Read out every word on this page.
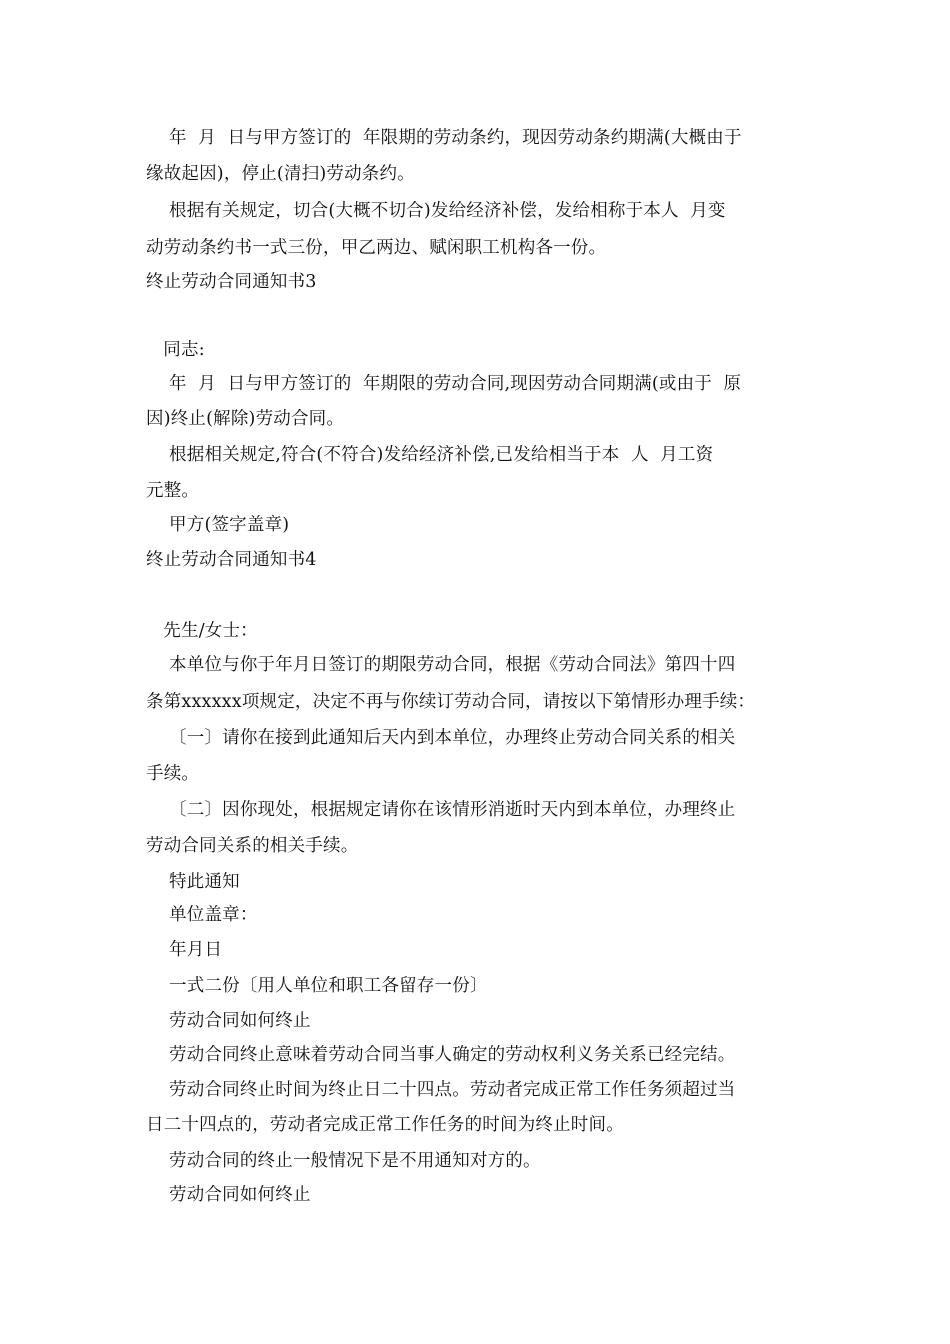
年  月  日与甲方签订的  年限期的劳动条约，现因劳动条约期满(大概由于
缘故起因)，停止(清扫)劳动条约。
根据有关规定，切合(大概不切合)发给经济补偿，发给相称于本人  月变
动劳动条约书一式三份，甲乙两边、赋闲职工机构各一份。
终止劳动合同通知书3
同志:
年  月  日与甲方签订的  年期限的劳动合同,现因劳动合同期满(或由于  原
因)终止(解除)劳动合同。
根据相关规定,符合(不符合)发给经济补偿,已发给相当于本  人  月工资
元整。
甲方(签字盖章)
终止劳动合同通知书4
先生/女士：
本单位与你于年月日签订的期限劳动合同，根据《劳动合同法》第四十四
条第xxxxxx项规定，决定不再与你续订劳动合同，请按以下第情形办理手续：
〔一〕请你在接到此通知后天内到本单位，办理终止劳动合同关系的相关
手续。
〔二〕因你现处，根据规定请你在该情形消逝时天内到本单位，办理终止
劳动合同关系的相关手续。
特此通知
单位盖章：
年月日
一式二份〔用人单位和职工各留存一份〕
劳动合同如何终止
劳动合同终止意味着劳动合同当事人确定的劳动权利义务关系已经完结。
劳动合同终止时间为终止日二十四点。劳动者完成正常工作任务须超过当
日二十四点的，劳动者完成正常工作任务的时间为终止时间。
劳动合同的终止一般情况下是不用通知对方的。
劳动合同如何终止
